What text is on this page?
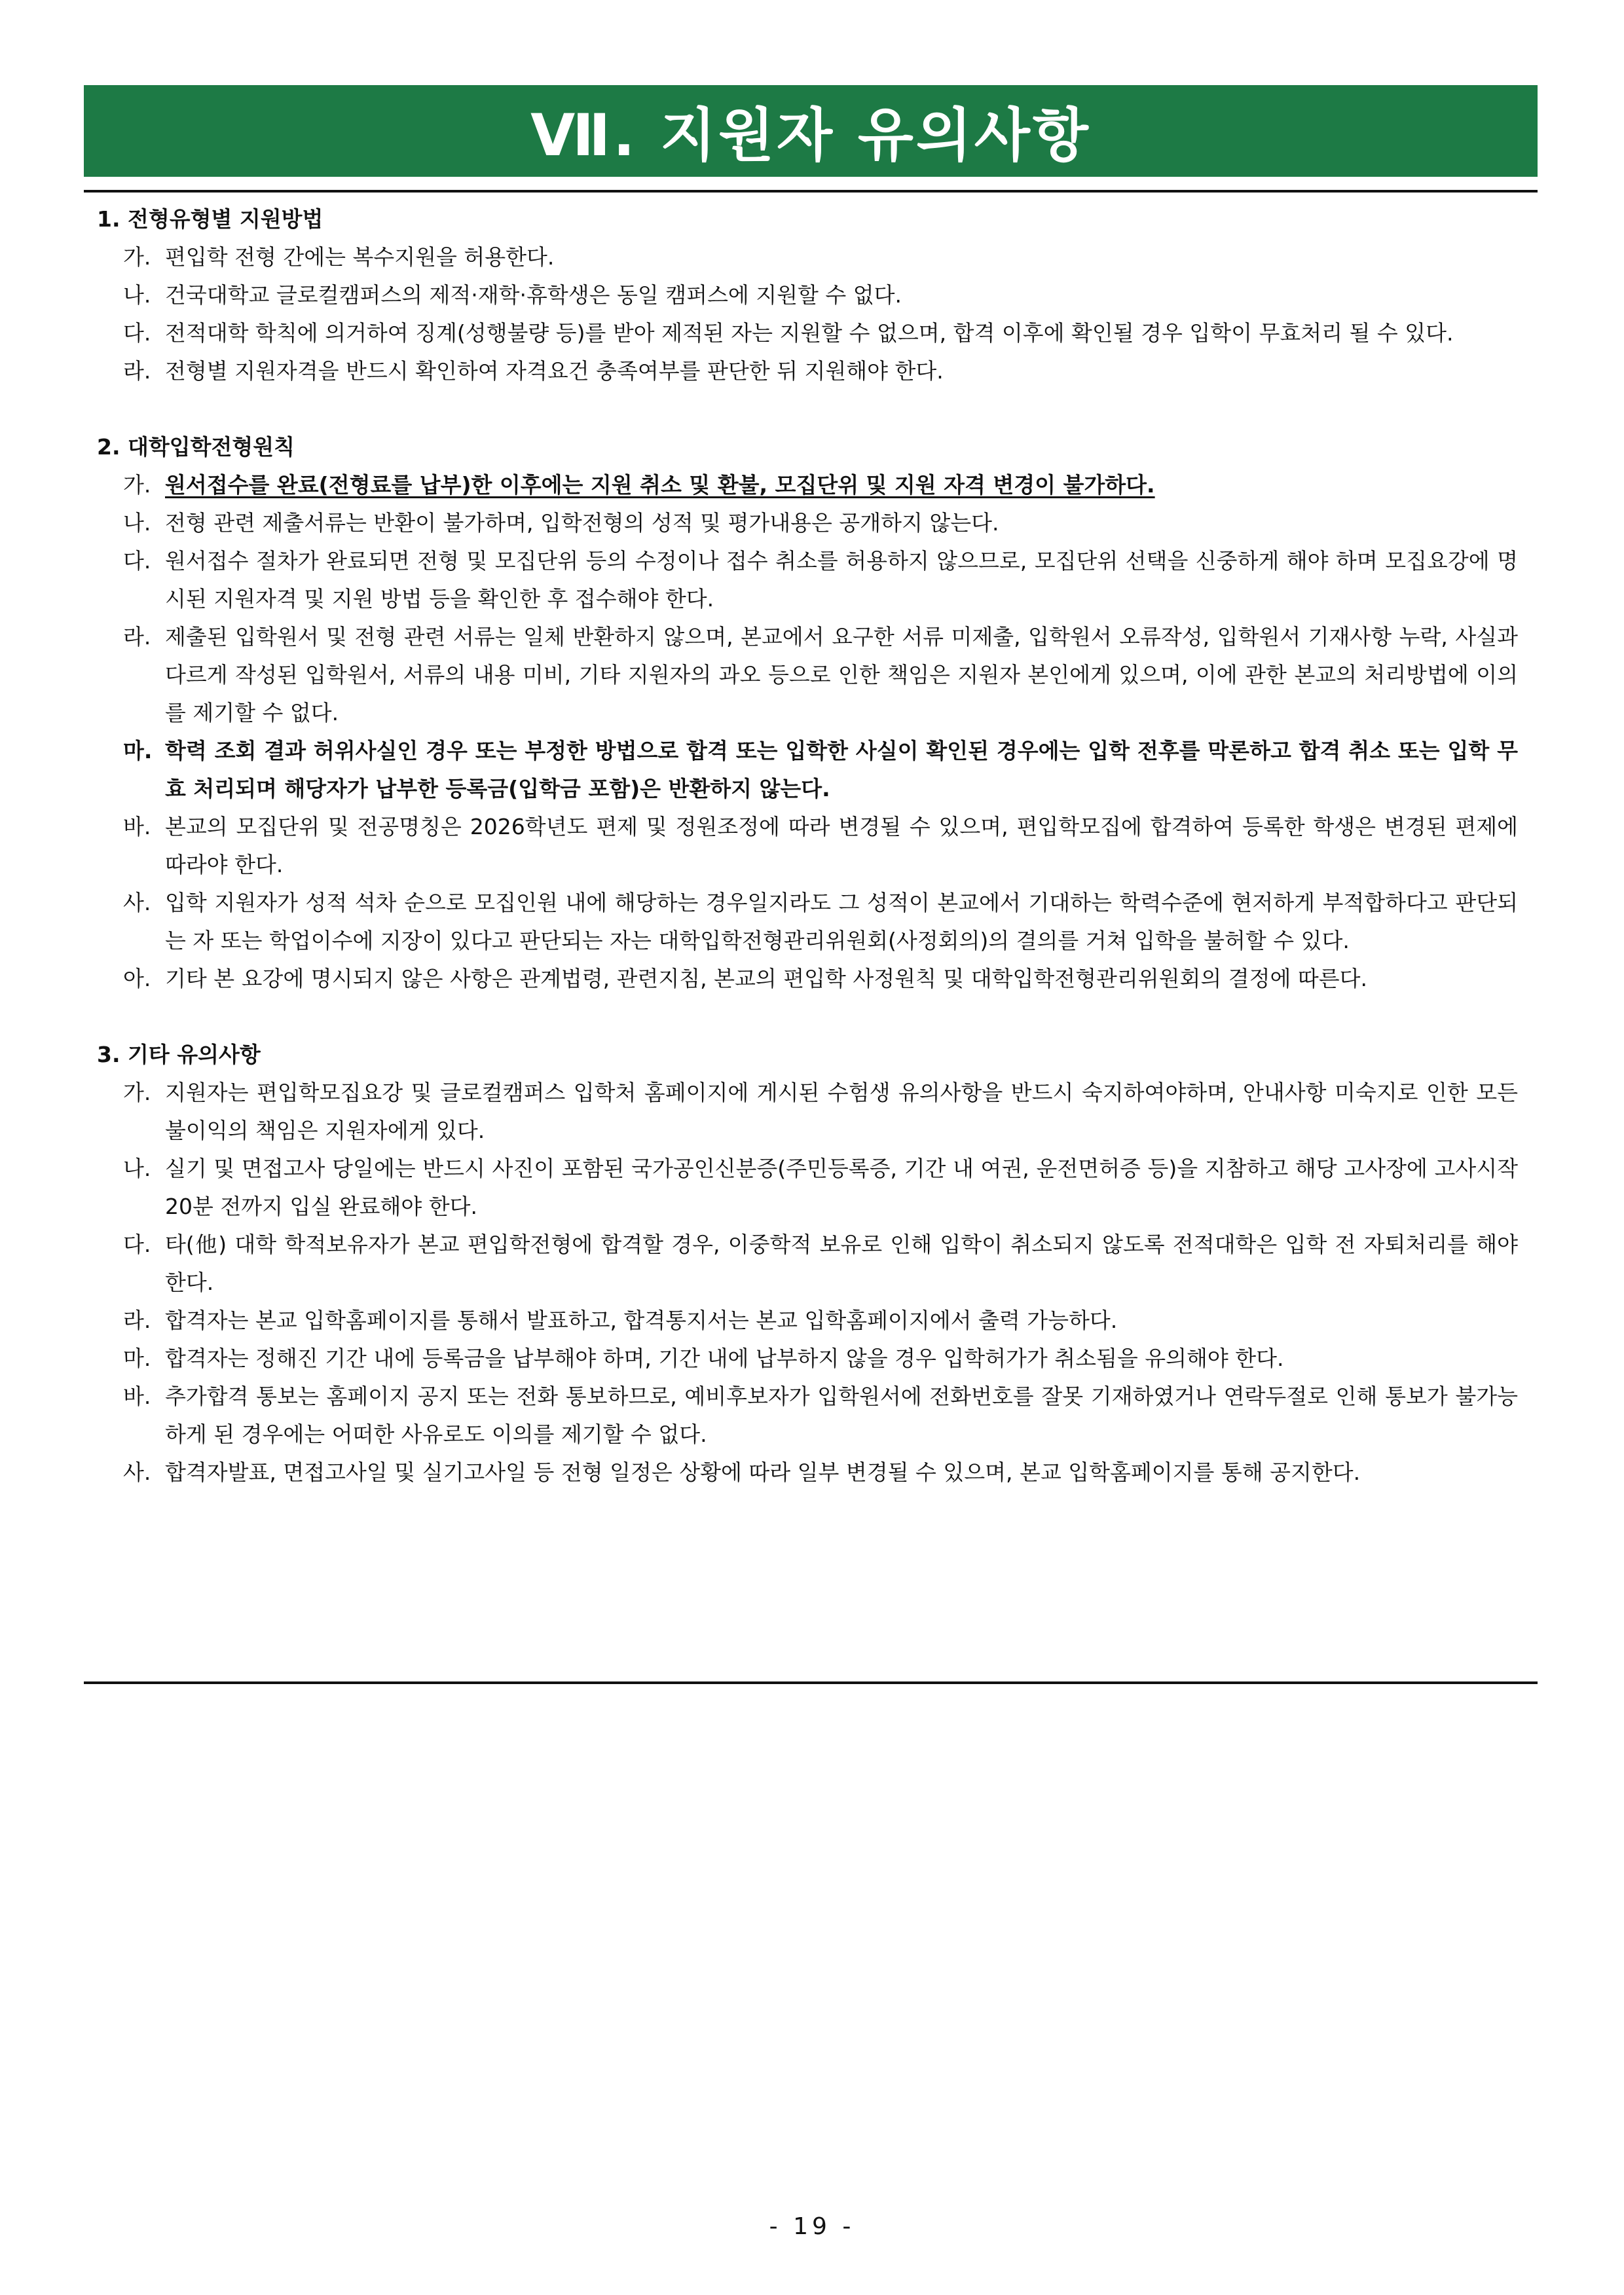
Ⅶ. 지원자 유의사항
1. 전형유형별 지원방법
가. 편입학 전형 간에는 복수지원을 허용한다.
나. 건국대학교 글로컬캠퍼스의 제적·재학·휴학생은 동일 캠퍼스에 지원할 수 없다.
다. 전적대학 학칙에 의거하여 징계(성행불량 등)를 받아 제적된 자는 지원할 수 없으며, 합격 이후에 확인될 경우 입학이 무효처리 될 수 있다.
라. 전형별 지원자격을 반드시 확인하여 자격요건 충족여부를 판단한 뒤 지원해야 한다.
2. 대학입학전형원칙
가. 원서접수를 완료(전형료를 납부)한 이후에는 지원 취소 및 환불, 모집단위 및 지원 자격 변경이 불가하다.
나. 전형 관련 제출서류는 반환이 불가하며, 입학전형의 성적 및 평가내용은 공개하지 않는다.
다. 원서접수 절차가 완료되면 전형 및 모집단위 등의 수정이나 접수 취소를 허용하지 않으므로, 모집단위 선택을 신중하게 해야 하며 모집요강에 명시된 지원자격 및 지원 방법 등을 확인한 후 접수해야 한다.
라. 제출된 입학원서 및 전형 관련 서류는 일체 반환하지 않으며, 본교에서 요구한 서류 미제출, 입학원서 오류작성, 입학원서 기재사항 누락, 사실과 다르게 작성된 입학원서, 서류의 내용 미비, 기타 지원자의 과오 등으로 인한 책임은 지원자 본인에게 있으며, 이에 관한 본교의 처리방법에 이의를 제기할 수 없다.
마. 학력 조회 결과 허위사실인 경우 또는 부정한 방법으로 합격 또는 입학한 사실이 확인된 경우에는 입학 전후를 막론하고 합격 취소 또는 입학 무효 처리되며 해당자가 납부한 등록금(입학금 포함)은 반환하지 않는다.
바. 본교의 모집단위 및 전공명칭은 2026학년도 편제 및 정원조정에 따라 변경될 수 있으며, 편입학모집에 합격하여 등록한 학생은 변경된 편제에 따라야 한다.
사. 입학 지원자가 성적 석차 순으로 모집인원 내에 해당하는 경우일지라도 그 성적이 본교에서 기대하는 학력수준에 현저하게 부적합하다고 판단되는 자 또는 학업이수에 지장이 있다고 판단되는 자는 대학입학전형관리위원회(사정회의)의 결의를 거쳐 입학을 불허할 수 있다.
아. 기타 본 요강에 명시되지 않은 사항은 관계법령, 관련지침, 본교의 편입학 사정원칙 및 대학입학전형관리위원회의 결정에 따른다.
3. 기타 유의사항
가. 지원자는 편입학모집요강 및 글로컬캠퍼스 입학처 홈페이지에 게시된 수험생 유의사항을 반드시 숙지하여야하며, 안내사항 미숙지로 인한 모든 불이익의 책임은 지원자에게 있다.
나. 실기 및 면접고사 당일에는 반드시 사진이 포함된 국가공인신분증(주민등록증, 기간 내 여권, 운전면허증 등)을 지참하고 해당 고사장에 고사시작 20분 전까지 입실 완료해야 한다.
다. 타(他) 대학 학적보유자가 본교 편입학전형에 합격할 경우, 이중학적 보유로 인해 입학이 취소되지 않도록 전적대학은 입학 전 자퇴처리를 해야 한다.
라. 합격자는 본교 입학홈페이지를 통해서 발표하고, 합격통지서는 본교 입학홈페이지에서 출력 가능하다.
마. 합격자는 정해진 기간 내에 등록금을 납부해야 하며, 기간 내에 납부하지 않을 경우 입학허가가 취소됨을 유의해야 한다.
바. 추가합격 통보는 홈페이지 공지 또는 전화 통보하므로, 예비후보자가 입학원서에 전화번호를 잘못 기재하였거나 연락두절로 인해 통보가 불가능하게 된 경우에는 어떠한 사유로도 이의를 제기할 수 없다.
사. 합격자발표, 면접고사일 및 실기고사일 등 전형 일정은 상황에 따라 일부 변경될 수 있으며, 본교 입학홈페이지를 통해 공지한다.
- 19 -
